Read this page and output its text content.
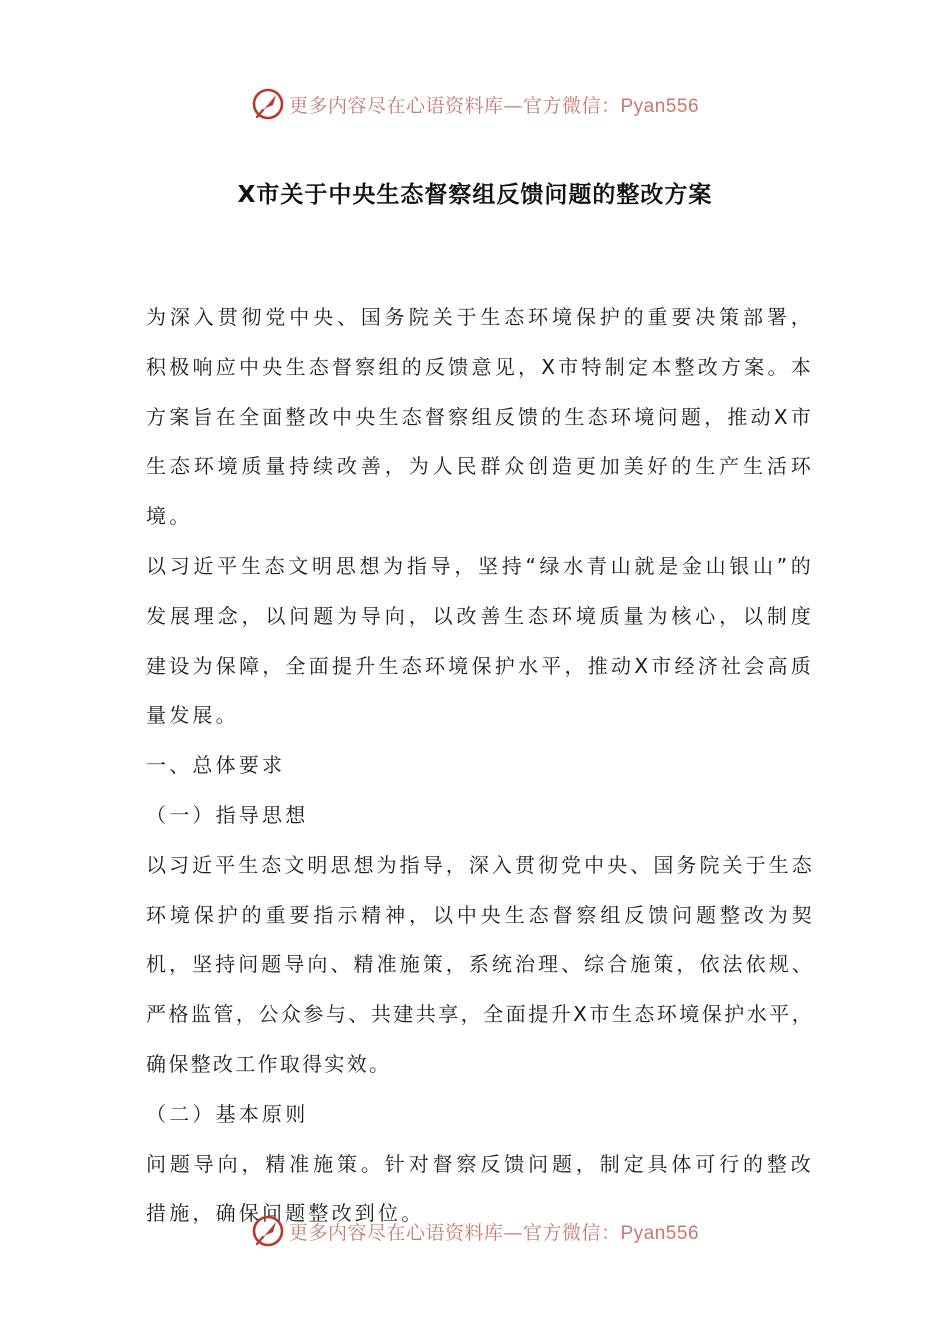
更多内容尽在心语资料库—官方微信：Pyan556
X市关于中央生态督察组反馈问题的整改方案

为深入贯彻党中央、国务院关于生态环境保护的重要决策部署，积极响应中央生态督察组的反馈意见，X市特制定本整改方案。本方案旨在全面整改中央生态督察组反馈的生态环境问题，推动X市生态环境质量持续改善，为人民群众创造更加美好的生产生活环境。

以习近平生态文明思想为指导，坚持“绿水青山就是金山银山”的发展理念，以问题为导向，以改善生态环境质量为核心，以制度建设为保障，全面提升生态环境保护水平，推动X市经济社会高质量发展。

一、总体要求

（一）指导思想

以习近平生态文明思想为指导，深入贯彻党中央、国务院关于生态环境保护的重要指示精神，以中央生态督察组反馈问题整改为契机，坚持问题导向、精准施策，系统治理、综合施策，依法依规、严格监管，公众参与、共建共享，全面提升X市生态环境保护水平，确保整改工作取得实效。

（二）基本原则

问题导向，精准施策。针对督察反馈问题，制定具体可行的整改措施，确保问题整改到位。

更多内容尽在心语资料库—官方微信：Pyan556
